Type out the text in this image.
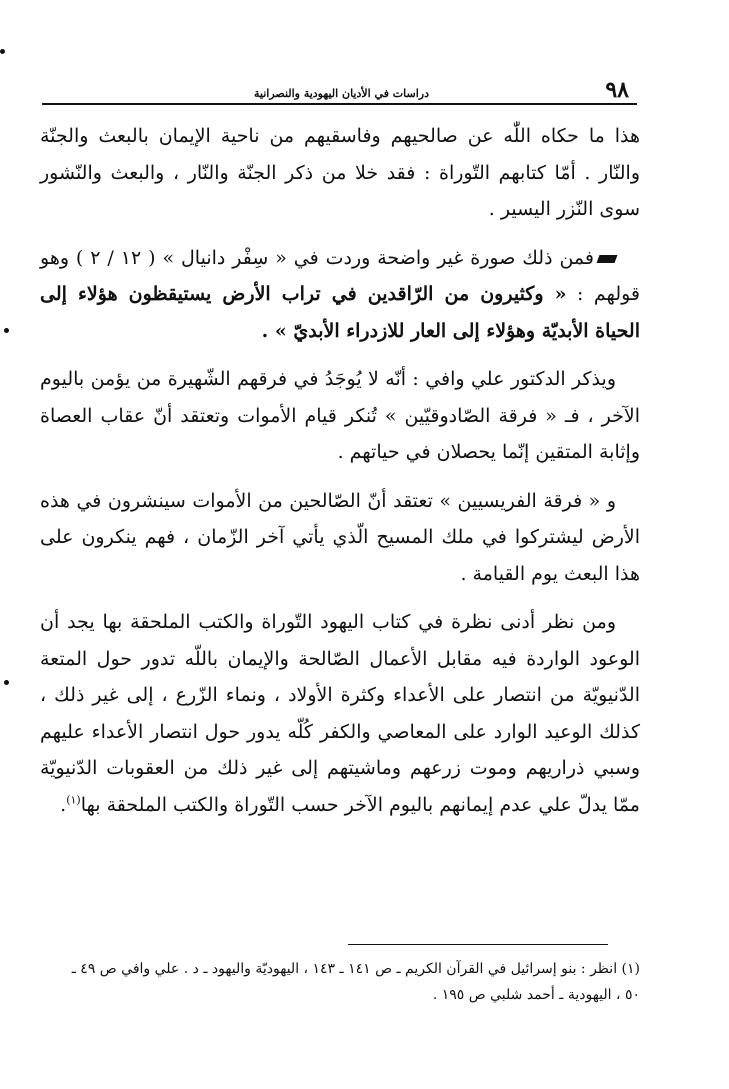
٩٨
دراسات في الأديان اليهودية والنصرانية

هذا ما حكاه اللّٰه عن صالحيهم وفاسقيهم من ناحية الإيمان بالبعث والجنّة والنّار . أمّا كتابهم التّوراة : فقد خلا من ذكر الجنّة والنّار ، والبعث والنّشور سوى النّزر اليسير .

فمن ذلك صورة غير واضحة وردت في « سِفْر دانيال » ( ١٢ / ٢ ) وهو قولهم : « وكثيرون من الرّاقدين في تراب الأرض يستيقظون هؤلاء إلى الحياة الأبديّة وهؤلاء إلى العار للازدراء الأبديّ » .

ويذكر الدكتور علي وافي : أنّه لا يُوجَدُ في فرقهم الشّهيرة من يؤمن باليوم الآخر ، فـ « فرقة الصّادوقيّين » تُنكر قيام الأموات وتعتقد أنّ عقاب العصاة وإثابة المتقين إنّما يحصلان في حياتهم .

و « فرقة الفريسيين » تعتقد أنّ الصّالحين من الأموات سينشرون في هذه الأرض ليشتركوا في ملك المسيح الّذي يأتي آخر الزّمان ، فهم ينكرون على هذا البعث يوم القيامة .

ومن نظر أدنى نظرة في كتاب اليهود التّوراة والكتب الملحقة بها يجد أن الوعود الواردة فيه مقابل الأعمال الصّالحة والإيمان باللّه تدور حول المتعة الدّنيويّة من انتصار على الأعداء وكثرة الأولاد ، ونماء الزّرع ، إلى غير ذلك ، كذلك الوعيد الوارد على المعاصي والكفر كُلّه يدور حول انتصار الأعداء عليهم وسبي ذراريهم وموت زرعهم وماشيتهم إلى غير ذلك من العقوبات الدّنيويّة ممّا يدلّ علي عدم إيمانهم باليوم الآخر حسب التّوراة والكتب الملحقة بها$^{(١)}$.

(١) انظر : بنو إسرائيل في القرآن الكريم ـ ص ١٤١ ـ ١٤٣ ، اليهوديّة واليهود ـ د . علي وافي ص ٤٩ ـ

٥٠ ، اليهودية ـ أحمد شلبي ص ١٩٥ .
